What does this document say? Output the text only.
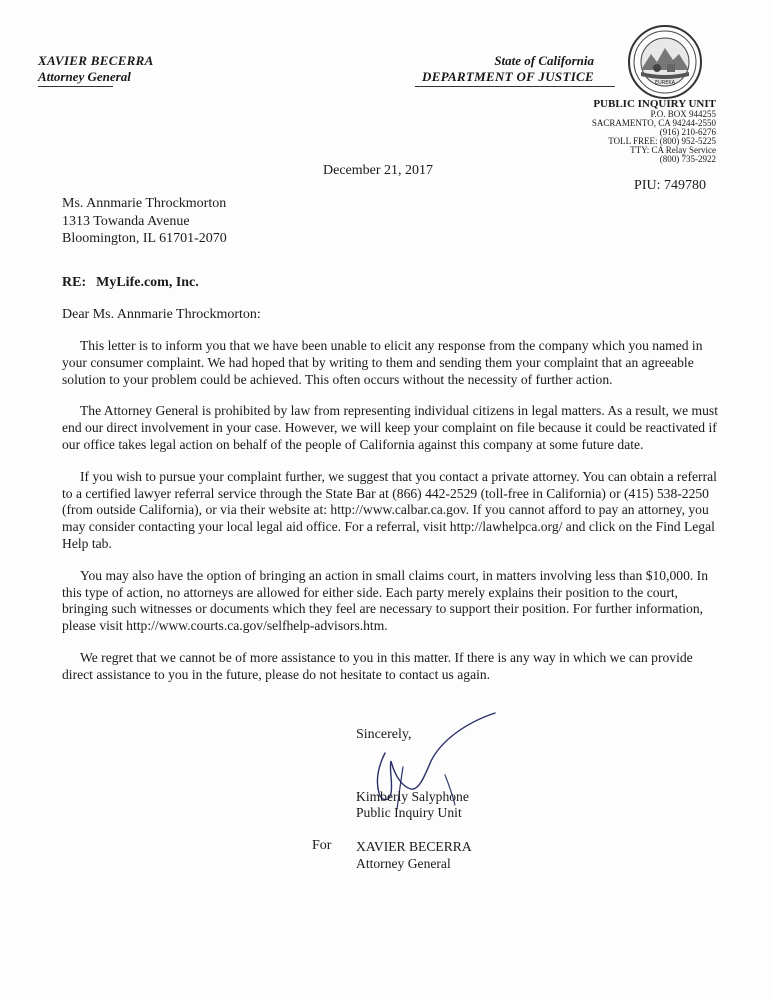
XAVIER BECERRA
Attorney General
State of California
DEPARTMENT OF JUSTICE	EUREKA
PUBLIC INQUIRY UNIT
P.O. BOX 944255
SACRAMENTO, CA 94244-2550
(916) 210-6276
TOLL FREE: (800) 952-5225
TTY: CA Relay Service
(800) 735-2922
December 21, 2017
PIU: 749780
Ms. Annmarie Throckmorton
1313 Towanda Avenue
Bloomington, IL 61701-2070
RE: MyLife.com, Inc.
Dear Ms. Annmarie Throckmorton:

This letter is to inform you that we have been unable to elicit any response from the company which you named in your consumer complaint. We had hoped that by writing to them and sending them your complaint that an agreeable solution to your problem could be achieved. This often occurs without the necessity of further action.

The Attorney General is prohibited by law from representing individual citizens in legal matters. As a result, we must end our direct involvement in your case. However, we will keep your complaint on file because it could be reactivated if our office takes legal action on behalf of the people of California against this company at some future date.

If you wish to pursue your complaint further, we suggest that you contact a private attorney. You can obtain a referral to a certified lawyer referral service through the State Bar at (866) 442-2529 (toll-free in California) or (415) 538-2250 (from outside California), or via their website at: http://www.calbar.ca.gov. If you cannot afford to pay an attorney, you may consider contacting your local legal aid office. For a referral, visit http://lawhelpca.org/ and click on the Find Legal Help tab.

You may also have the option of bringing an action in small claims court, in matters involving less than $10,000. In this type of action, no attorneys are allowed for either side. Each party merely explains their position to the court, bringing such witnesses or documents which they feel are necessary to support their position. For further information, please visit http://www.courts.ca.gov/selfhelp-advisors.htm.

We regret that we cannot be of more assistance to you in this matter. If there is any way in which we can provide direct assistance to you in the future, please do not hesitate to contact us again.

Sincerely,
Kimberly Salyphone
Public Inquiry Unit
For XAVIER BECERRA
Attorney General
